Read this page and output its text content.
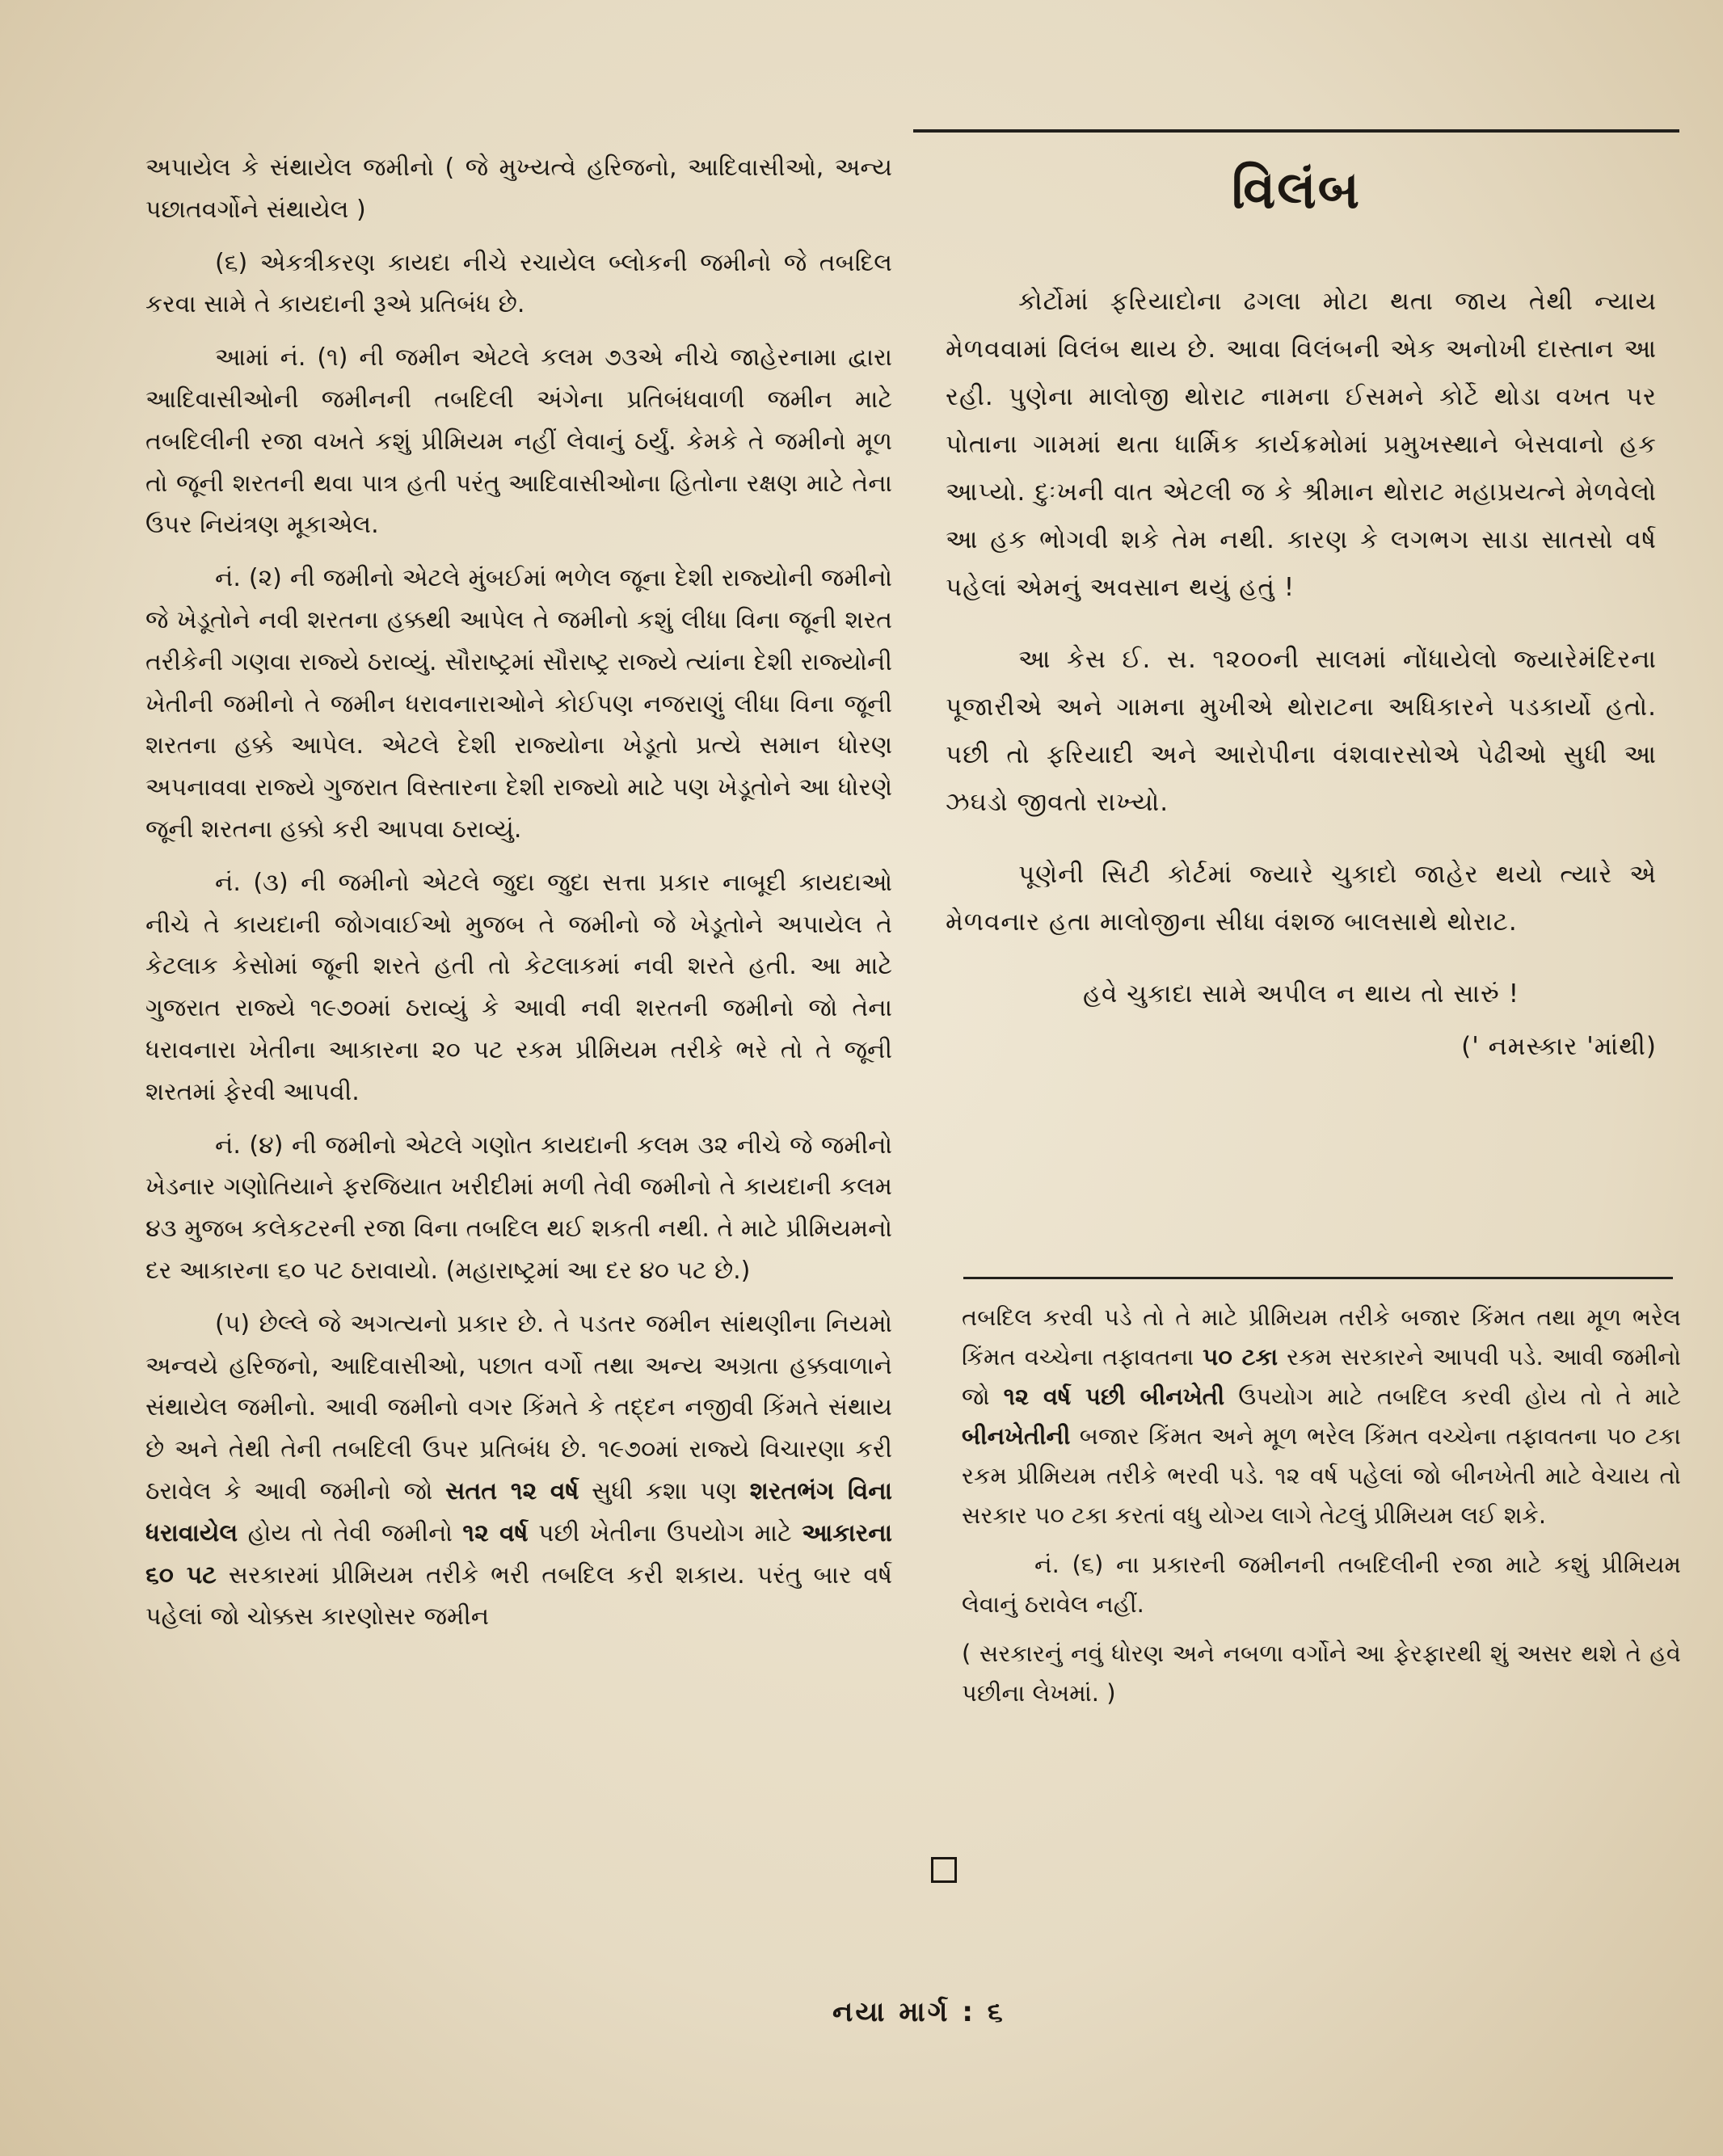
અપાયેલ કે સંથાયેલ જમીનો ( જે મુખ્યત્વે હરિજનો, આદિવાસીઓ, અન્ય પછાતવર્ગોને સંથાયેલ )

(૬) એકત્રીકરણ કાયદા નીચે રચાયેલ બ્લોકની જમીનો જે તબદિલ કરવા સામે તે કાયદાની રૂએ પ્રતિબંધ છે.

આમાં નં. (૧) ની જમીન એટલે કલમ ૭૩એ નીચે જાહેરનામા દ્વારા આદિવાસીઓની જમીનની તબદિલી અંગેના પ્રતિબંધવાળી જમીન માટે તબદિલીની રજા વખતે કશું પ્રીમિયમ નહીં લેવાનું ઠર્યું. કેમકે તે જમીનો મૂળ તો જૂની શરતની થવા પાત્ર હતી પરંતુ આદિવાસીઓના હિતોના રક્ષણ માટે તેના ઉપર નિયંત્રણ મૂકાએલ.

નં. (૨) ની જમીનો એટલે મુંબઈમાં ભળેલ જૂના દેશી રાજ્યોની જમીનો જે ખેડૂતોને નવી શરતના હક્કથી આપેલ તે જમીનો કશું લીધા વિના જૂની શરત તરીકેની ગણવા રાજ્યે ઠરાવ્યું. સૌરાષ્ટ્રમાં સૌરાષ્ટ્ર રાજ્યે ત્યાંના દેશી રાજ્યોની ખેતીની જમીનો તે જમીન ધરાવનારાઓને કોઈપણ નજરાણું લીધા વિના જૂની શરતના હક્કે આપેલ. એટલે દેશી રાજ્યોના ખેડૂતો પ્રત્યે સમાન ધોરણ અપનાવવા રાજ્યે ગુજરાત વિસ્તારના દેશી રાજ્યો માટે પણ ખેડૂતોને આ ધોરણે જૂની શરતના હક્કો કરી આપવા ઠરાવ્યું.

નં. (૩) ની જમીનો એટલે જુદા જુદા સત્તા પ્રકાર નાબૂદી કાયદાઓ નીચે તે કાયદાની જોગવાઈઓ મુજબ તે જમીનો જે ખેડૂતોને અપાયેલ તે કેટલાક કેસોમાં જૂની શરતે હતી તો કેટલાકમાં નવી શરતે હતી. આ માટે ગુજરાત રાજ્યે ૧૯૭૦માં ઠરાવ્યું કે આવી નવી શરતની જમીનો જો તેના ધરાવનારા ખેતીના આકારના ૨૦ પટ રકમ પ્રીમિયમ તરીકે ભરે તો તે જૂની શરતમાં ફેરવી આપવી.

નં. (૪) ની જમીનો એટલે ગણોત કાયદાની કલમ ૩૨ નીચે જે જમીનો ખેડનાર ગણોતિયાને ફરજિયાત ખરીદીમાં મળી તેવી જમીનો તે કાયદાની કલમ ૪૩ મુજબ કલેકટરની રજા વિના તબદિલ થઈ શકતી નથી. તે માટે પ્રીમિયમનો દર આકારના ૬૦ પટ ઠરાવાયો. (મહારાષ્ટ્રમાં આ દર ૪૦ પટ છે.)

(૫) છેલ્લે જે અગત્યનો પ્રકાર છે. તે પડતર જમીન સાંથણીના નિયમો અન્વયે હરિજનો, આદિવાસીઓ, પછાત વર્ગો તથા અન્ય અગ્રતા હક્કવાળાને સંથાયેલ જમીનો. આવી જમીનો વગર કિંમતે કે તદ્દન નજીવી કિંમતે સંથાય છે અને તેથી તેની તબદિલી ઉપર પ્રતિબંધ છે. ૧૯૭૦માં રાજ્યે વિચારણા કરી ઠરાવેલ કે આવી જમીનો જો સતત ૧૨ વર્ષ સુધી કશા પણ શરતભંગ વિના ધરાવાયેલ હોય તો તેવી જમીનો ૧૨ વર્ષ પછી ખેતીના ઉપયોગ માટે આકારના ૬૦ પટ સરકારમાં પ્રીમિયમ તરીકે ભરી તબદિલ કરી શકાય. પરંતુ બાર વર્ષ પહેલાં જો ચોક્કસ કારણોસર જમીન

વિલંબ

કોર્ટોમાં ફરિયાદોના ઢગલા મોટા થતા જાય તેથી ન્યાય મેળવવામાં વિલંબ થાય છે. આવા વિલંબની એક અનોખી દાસ્તાન આ રહી. પુણેના માલોજી થોરાટ નામના ઈસમને કોર્ટે થોડા વખત પર પોતાના ગામમાં થતા ધાર્મિક કાર્યક્રમોમાં પ્રમુખસ્થાને બેસવાનો હક આપ્યો. દુઃખની વાત એટલી જ કે શ્રીમાન થોરાટ મહાપ્રયત્ને મેળવેલો આ હક ભોગવી શકે તેમ નથી. કારણ કે લગભગ સાડા સાતસો વર્ષ પહેલાં એમનું અવસાન થયું હતું !

આ કેસ ઈ. સ. ૧૨૦૦ની સાલમાં નોંધાયેલો જ્યારેમંદિરના પૂજારીએ અને ગામના મુખીએ થોરાટના અધિકારને પડકાર્યો હતો. પછી તો ફરિયાદી અને આરોપીના વંશવારસોએ પેઢીઓ સુધી આ ઝઘડો જીવતો રાખ્યો.

પૂણેની સિટી કોર્ટમાં જ્યારે ચુકાદો જાહેર થયો ત્યારે એ મેળવનાર હતા માલોજીના સીધા વંશજ બાલસાથે થોરાટ.

હવે ચુકાદા સામે અપીલ ન થાય તો સારું !

(' નમસ્કાર 'માંથી)

તબદિલ કરવી પડે તો તે માટે પ્રીમિયમ તરીકે બજાર કિંમત તથા મૂળ ભરેલ કિંમત વચ્ચેના તફાવતના ૫૦ ટકા રકમ સરકારને આપવી પડે. આવી જમીનો જો ૧૨ વર્ષ પછી બીનખેતી ઉપયોગ માટે તબદિલ કરવી હોય તો તે માટે બીનખેતીની બજાર કિંમત અને મૂળ ભરેલ કિંમત વચ્ચેના તફાવતના ૫૦ ટકા રકમ પ્રીમિયમ તરીકે ભરવી પડે. ૧૨ વર્ષ પહેલાં જો બીનખેતી માટે વેચાય તો સરકાર ૫૦ ટકા કરતાં વધુ યોગ્ય લાગે તેટલું પ્રીમિયમ લઈ શકે.

નં. (૬) ના પ્રકારની જમીનની તબદિલીની રજા માટે કશું પ્રીમિયમ લેવાનું ઠરાવેલ નહીં.

( સરકારનું નવું ધોરણ અને નબળા વર્ગોને આ ફેરફારથી શું અસર થશે તે હવે પછીના લેખમાં. )

નયા માર્ગ : ૬
